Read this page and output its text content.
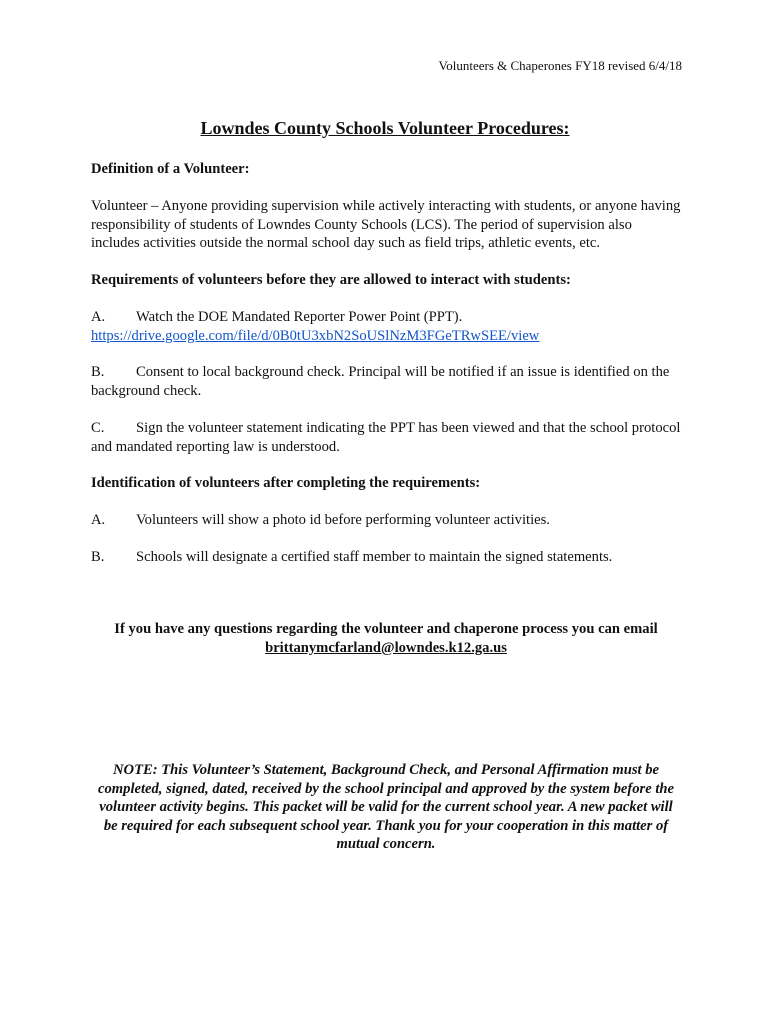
Volunteers & Chaperones FY18 revised 6/4/18
Lowndes County Schools Volunteer Procedures:
Definition of a Volunteer:
Volunteer – Anyone providing supervision while actively interacting with students, or anyone having responsibility of students of Lowndes County Schools (LCS). The period of supervision also includes activities outside the normal school day such as field trips, athletic events, etc.
Requirements of volunteers before they are allowed to interact with students:
A. Watch the DOE Mandated Reporter Power Point (PPT).
https://drive.google.com/file/d/0B0tU3xbN2SoUSlNzM3FGeTRwSEE/view
B. Consent to local background check. Principal will be notified if an issue is identified on the background check.
C. Sign the volunteer statement indicating the PPT has been viewed and that the school protocol and mandated reporting law is understood.
Identification of volunteers after completing the requirements:
A. Volunteers will show a photo id before performing volunteer activities.
B. Schools will designate a certified staff member to maintain the signed statements.
If you have any questions regarding the volunteer and chaperone process you can email
brittanymcfarland@lowndes.k12.ga.us
NOTE: This Volunteer’s Statement, Background Check, and Personal Affirmation must be completed, signed, dated, received by the school principal and approved by the system before the volunteer activity begins. This packet will be valid for the current school year. A new packet will be required for each subsequent school year. Thank you for your cooperation in this matter of mutual concern.
